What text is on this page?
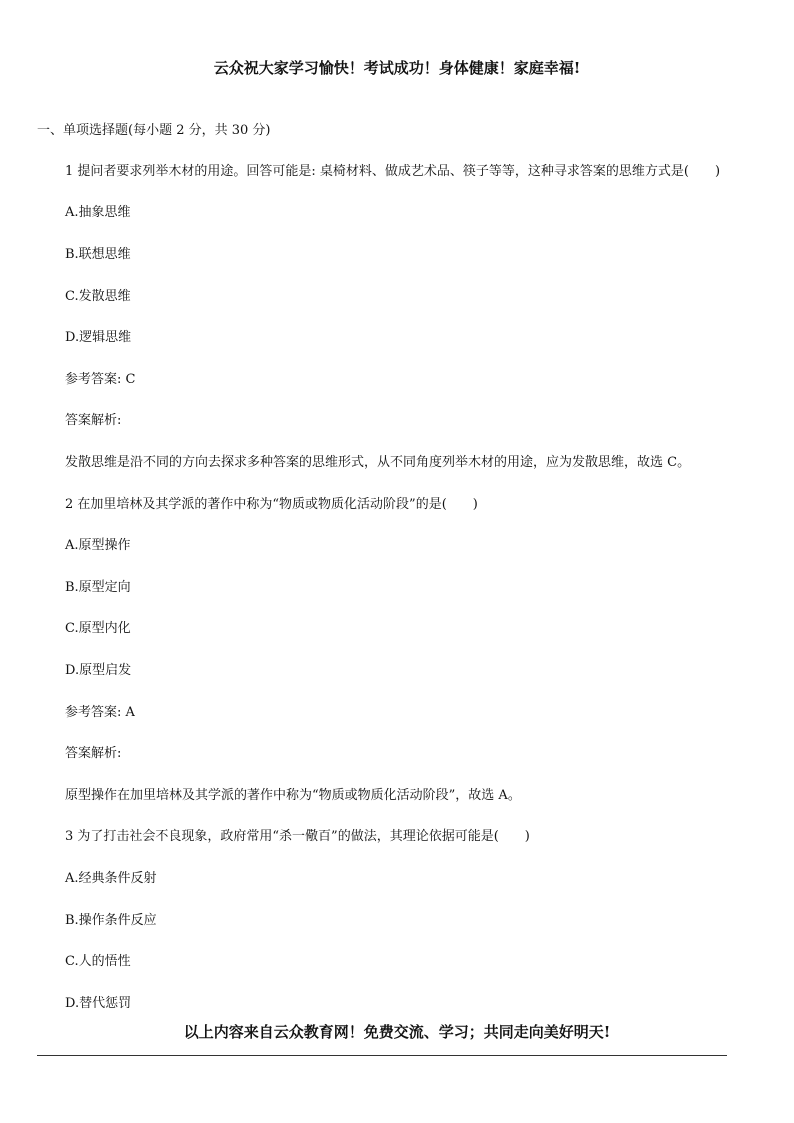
云众祝大家学习愉快！考试成功！身体健康！家庭幸福!
一、单项选择题(每小题 2 分，共 30 分)
1 提问者要求列举木材的用途。回答可能是: 桌椅材料、做成艺术品、筷子等等，这种寻求答案的思维方式是(　　)
A.抽象思维
B.联想思维
C.发散思维
D.逻辑思维
参考答案: C
答案解析:
发散思维是沿不同的方向去探求多种答案的思维形式，从不同角度列举木材的用途，应为发散思维，故选 C。
2 在加里培林及其学派的著作中称为“物质或物质化活动阶段”的是(　　)
A.原型操作
B.原型定向
C.原型内化
D.原型启发
参考答案: A
答案解析:
原型操作在加里培林及其学派的著作中称为“物质或物质化活动阶段”，故选 A。
3 为了打击社会不良现象，政府常用“杀一儆百”的做法，其理论依据可能是(　　)
A.经典条件反射
B.操作条件反应
C.人的悟性
D.替代惩罚
以上内容来自云众教育网！免费交流、学习；共同走向美好明天!
